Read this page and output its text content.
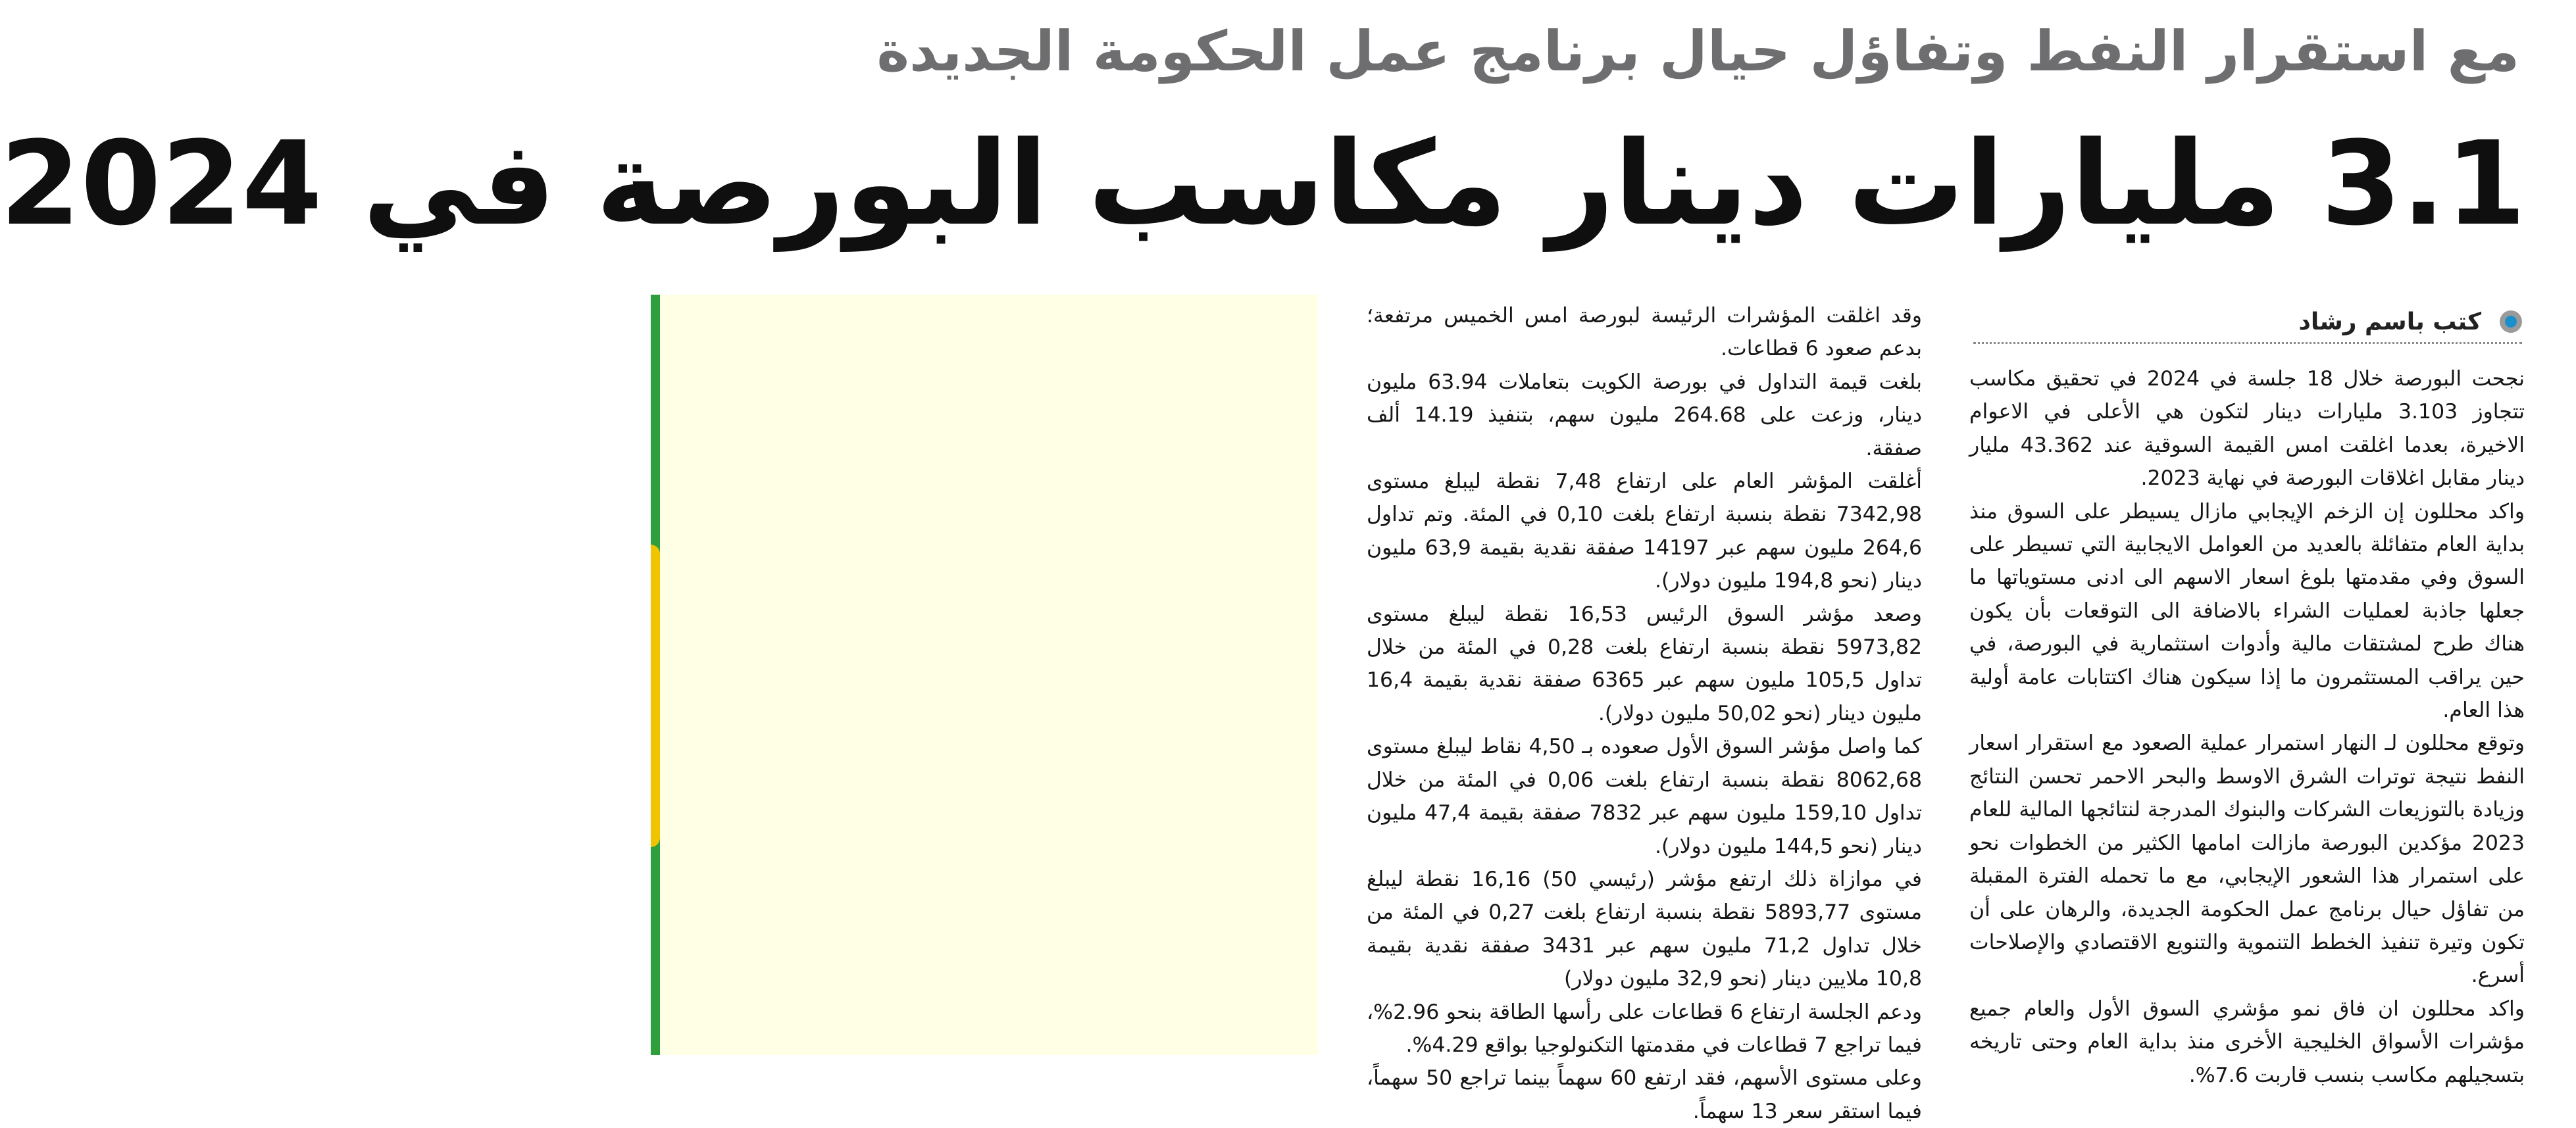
مع استقرار النفط وتفاؤل حيال برنامج عمل الحكومة الجديدة
3.1 مليارات دينار مكاسب البورصة في 2024
كتب باسم رشاد

نجحت البورصة خلال 18 جلسة في 2024 في تحقيق مكاسب تتجاوز 3.103 مليارات دينار لتكون هي الأعلى في الاعوام الاخيرة، بعدما اغلقت امس القيمة السوقية عند 43.362 مليار دينار مقابل اغلاقات البورصة في نهاية 2023.

واكد محللون إن الزخم الإيجابي مازال يسيطر على السوق منذ بداية العام متفائلة بالعديد من العوامل الايجابية التي تسيطر على السوق وفي مقدمتها بلوغ اسعار الاسهم الى ادنى مستوياتها ما جعلها جاذبة لعمليات الشراء بالاضافة الى التوقعات بأن يكون هناك طرح لمشتقات مالية وأدوات استثمارية في البورصة، في حين يراقب المستثمرون ما إذا سيكون هناك اكتتابات عامة أولية هذا العام.

وتوقع محللون لـ النهار استمرار عملية الصعود مع استقرار اسعار النفط نتيجة توترات الشرق الاوسط والبحر الاحمر تحسن النتائج وزيادة بالتوزيعات الشركات والبنوك المدرجة لنتائجها المالية للعام 2023 مؤكدين البورصة مازالت امامها الكثير من الخطوات نحو على استمرار هذا الشعور الإيجابي، مع ما تحمله الفترة المقبلة من تفاؤل حيال برنامج عمل الحكومة الجديدة، والرهان على أن تكون وتيرة تنفيذ الخطط التنموية والتنويع الاقتصادي والإصلاحات أسرع.

واكد محللون ان فاق نمو مؤشري السوق الأول والعام جميع مؤشرات الأسواق الخليجية الأخرى منذ بداية العام وحتى تاريخه بتسجيلهم مكاسب بنسب قاربت 7.6%.

وقد اغلقت المؤشرات الرئيسة لبورصة امس الخميس مرتفعة؛ بدعم صعود 6 قطاعات.

بلغت قيمة التداول في بورصة الكويت بتعاملات 63.94 مليون دينار، وزعت على 264.68 مليون سهم، بتنفيذ 14.19 ألف صفقة.

أغلقت المؤشر العام على ارتفاع 7,48 نقطة ليبلغ مستوى 7342,98 نقطة بنسبة ارتفاع بلغت 0,10 في المئة. وتم تداول 264,6 مليون سهم عبر 14197 صفقة نقدية بقيمة 63,9 مليون دينار (نحو 194,8 مليون دولار).

وصعد مؤشر السوق الرئيس 16,53 نقطة ليبلغ مستوى 5973,82 نقطة بنسبة ارتفاع بلغت 0,28 في المئة من خلال تداول 105,5 مليون سهم عبر 6365 صفقة نقدية بقيمة 16,4 مليون دينار (نحو 50,02 مليون دولار).

كما واصل مؤشر السوق الأول صعوده بـ 4,50 نقاط ليبلغ مستوى 8062,68 نقطة بنسبة ارتفاع بلغت 0,06 في المئة من خلال تداول 159,10 مليون سهم عبر 7832 صفقة بقيمة 47,4 مليون دينار (نحو 144,5 مليون دولار).

في موازاة ذلك ارتفع مؤشر (رئيسي 50) 16,16 نقطة ليبلغ مستوى 5893,77 نقطة بنسبة ارتفاع بلغت 0,27 في المئة من خلال تداول 71,2 مليون سهم عبر 3431 صفقة نقدية بقيمة 10,8 ملايين دينار (نحو 32,9 مليون دولار)

ودعم الجلسة ارتفاع 6 قطاعات على رأسها الطاقة بنحو 2.96%، فيما تراجع 7 قطاعات في مقدمتها التكنولوجيا بواقع 4.29%.

وعلى مستوى الأسهم، فقد ارتفع 60 سهماً بينما تراجع 50 سهماً، فيما استقر سعر 13 سهماً.
